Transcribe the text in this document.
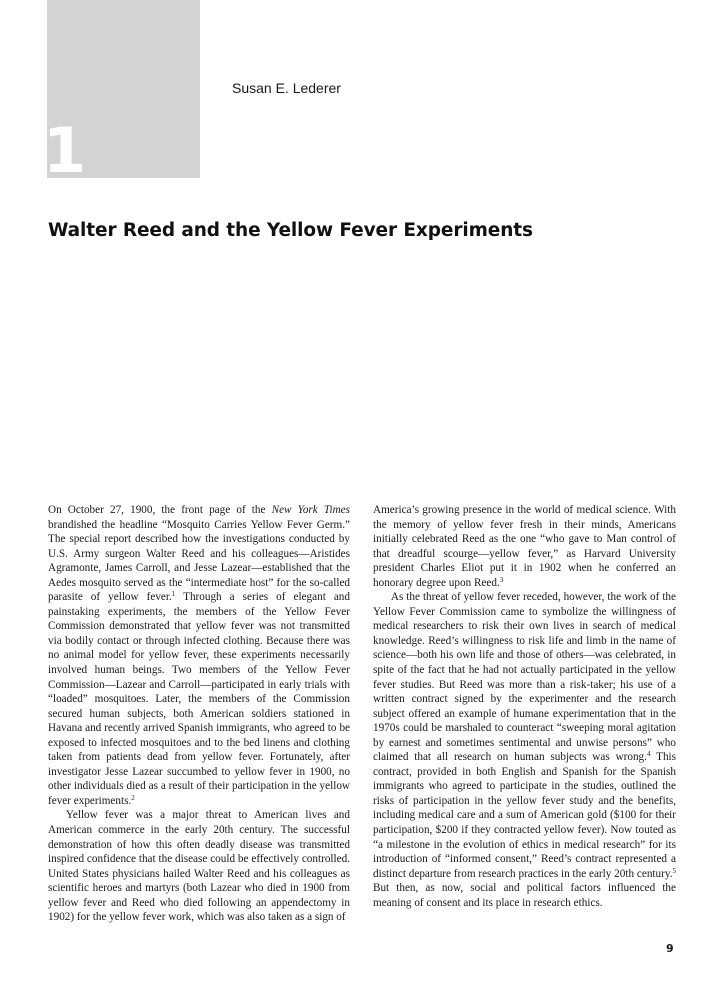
1
Susan E. Lederer
Walter Reed and the Yellow Fever Experiments

On October 27, 1900, the front page of the New York Times brandished the headline “Mosquito Carries Yellow Fever Germ.” The special report described how the investigations conducted by U.S. Army surgeon Walter Reed and his colleagues—Aristides Agramonte, James Carroll, and Jesse Lazear—established that the Aedes mosquito served as the “intermediate host” for the so-called parasite of yellow fever.$^1$ Through a series of elegant and painstaking experiments, the members of the Yellow Fever Commission demonstrated that yellow fever was not transmitted via bodily contact or through infected clothing. Because there was no animal model for yellow fever, these experiments necessarily involved human beings. Two members of the Yellow Fever Commission—Lazear and Carroll—participated in early trials with “loaded” mosquitoes. Later, the members of the Commission secured human subjects, both American soldiers stationed in Havana and recently arrived Spanish immigrants, who agreed to be exposed to infected mosquitoes and to the bed linens and clothing taken from patients dead from yellow fever. Fortunately, after investigator Jesse Lazear succumbed to yellow fever in 1900, no other individuals died as a result of their participation in the yellow fever experiments.$^2$

Yellow fever was a major threat to American lives and American commerce in the early 20th century. The successful demonstration of how this often deadly disease was transmitted inspired confidence that the disease could be effectively controlled. United States physicians hailed Walter Reed and his colleagues as scientific heroes and martyrs (both Lazear who died in 1900 from yellow fever and Reed who died following an appendectomy in 1902) for the yellow fever work, which was also taken as a sign of

America’s growing presence in the world of medical science. With the memory of yellow fever fresh in their minds, Americans initially celebrated Reed as the one “who gave to Man control of that dreadful scourge—yellow fever,” as Harvard University president Charles Eliot put it in 1902 when he conferred an honorary degree upon Reed.$^3$

As the threat of yellow fever receded, however, the work of the Yellow Fever Commission came to symbolize the willingness of medical researchers to risk their own lives in search of medical knowledge. Reed’s willingness to risk life and limb in the name of science—both his own life and those of others—was celebrated, in spite of the fact that he had not actually participated in the yellow fever studies. But Reed was more than a risk-taker; his use of a written contract signed by the experimenter and the research subject offered an example of humane experimentation that in the 1970s could be marshaled to counteract “sweeping moral agitation by earnest and sometimes sentimental and unwise persons” who claimed that all research on human subjects was wrong.$^4$ This contract, provided in both English and Spanish for the Spanish immigrants who agreed to participate in the studies, outlined the risks of participation in the yellow fever study and the benefits, including medical care and a sum of American gold ($100 for their participation, $200 if they contracted yellow fever). Now touted as “a milestone in the evolution of ethics in medical research” for its introduction of “informed consent,” Reed’s contract represented a distinct departure from research practices in the early 20th century.$^5$ But then, as now, social and political factors influenced the meaning of consent and its place in research ethics.

9
